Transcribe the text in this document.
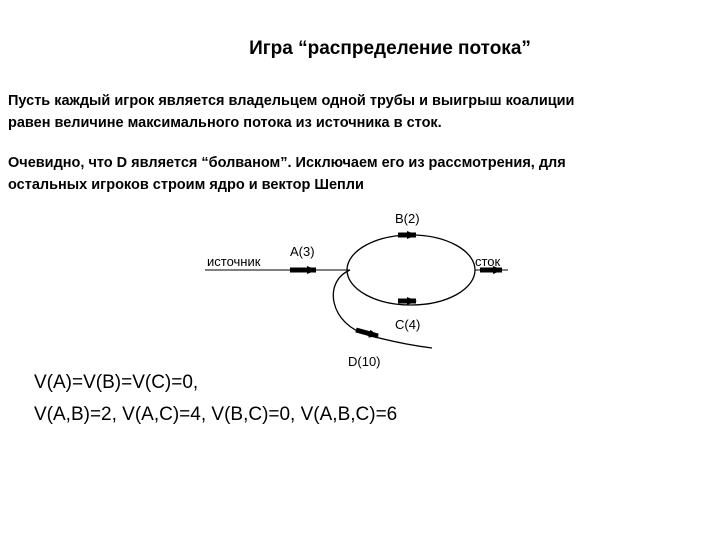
Игра “распределение потока”
Пусть каждый игрок является владельцем одной трубы и выигрыш коалиции
равен величине максимального потока из источника в сток.
Очевидно, что D является “болваном”. Исключаем его из рассмотрения, для
остальных игроков строим ядро и вектор Шепли
источник	сток
A(3)
B(2)
C(4)
D(10)
V(A)=V(B)=V(C)=0,
V(A,B)=2, V(A,C)=4, V(B,C)=0, V(A,B,C)=6
